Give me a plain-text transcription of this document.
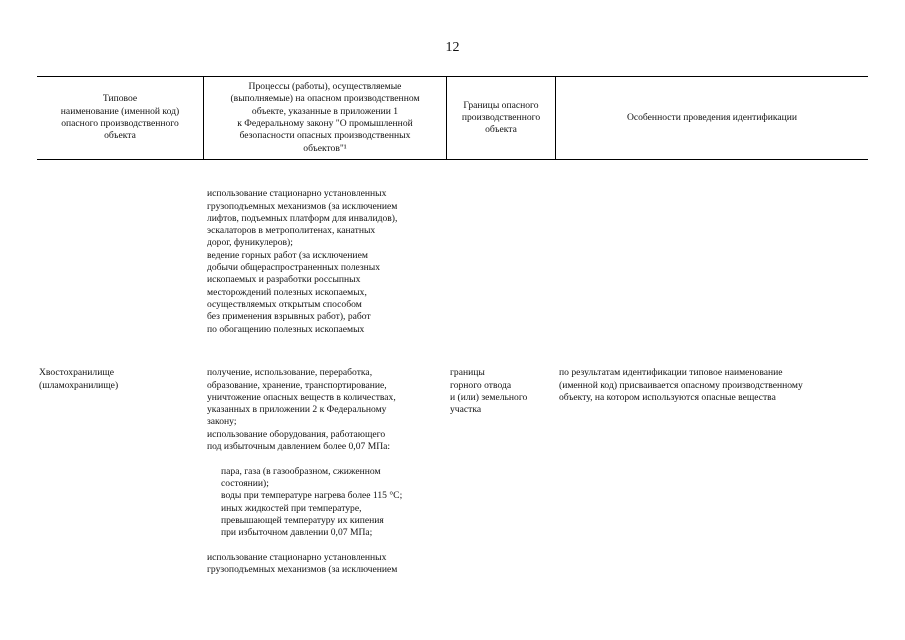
12
Типовое
наименование (именной код)
опасного производственного
объекта
Процессы (работы), осуществляемые
(выполняемые) на опасном производственном
объекте, указанные в приложении 1
к Федеральному закону "О промышленной
безопасности опасных производственных
объектов"¹
Границы опасного
производственного
объекта
Особенности проведения идентификации

использование стационарно установленных
грузоподъемных механизмов (за исключением
лифтов, подъемных платформ для инвалидов),
эскалаторов в метрополитенах, канатных
дорог, фуникулеров);
ведение горных работ (за исключением
добычи общераспространенных полезных
ископаемых и разработки россыпных
месторождений полезных ископаемых,
осуществляемых открытым способом
без применения взрывных работ), работ
по обогащению полезных ископаемых

Хвостохранилище
(шламохранилище)

получение, использование, переработка,
образование, хранение, транспортирование,
уничтожение опасных веществ в количествах,
указанных в приложении 2 к Федеральному
закону;
использование оборудования, работающего
под избыточным давлением более 0,07 МПа:

пара, газа (в газообразном, сжиженном
состоянии);
воды при температуре нагрева более 115 °С;
иных жидкостей при температуре,
превышающей температуру их кипения
при избыточном давлении 0,07 МПа;

использование стационарно установленных
грузоподъемных механизмов (за исключением

границы
горного отвода
и (или) земельного
участка

по результатам идентификации типовое наименование
(именной код) присваивается опасному производственному
объекту, на котором используются опасные вещества
